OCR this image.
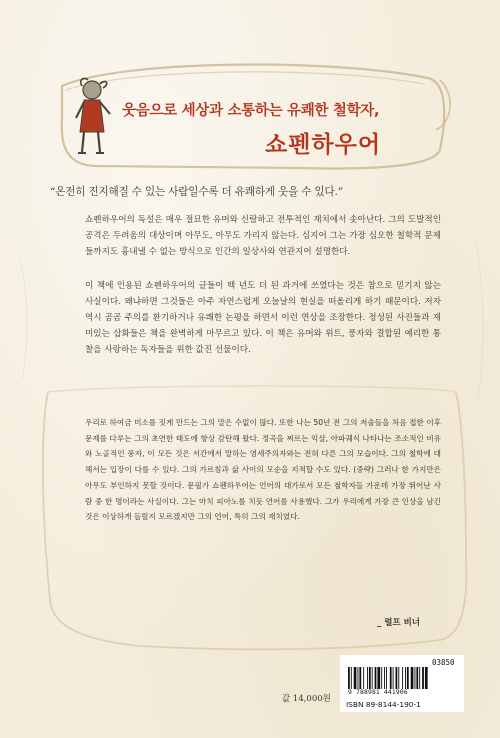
웃음으로 세상과 소통하는 유쾌한 철학자,

쇼펜하우어

“온전히 진지해질 수 있는 사람일수록 더 유쾌하게 웃을 수 있다.”

쇼펜하우어의 독설은 매우 절묘한 유머와 신랄하고 전투적인 재치에서 솟아난다. 그의 도발적인 공격은 두려움의 대상이며 아무도, 아무도 가리지 않는다. 심지어 그는 가장 심오한 철학적 문제들까지도 흉내낼 수 없는 방식으로 인간의 일상사와 연관지어 설명한다.

이 책에 인용된 쇼펜하우어의 글들이 백 년도 더 된 과거에 쓰였다는 것은 참으로 믿기지 않는 사실이다. 왜냐하면 그것들은 아주 자연스럽게 오늘날의 현실을 떠올리게 하기 때문이다. 저자 역시 곰곰 주의를 환기하거나 유쾌한 논평을 하면서 이런 연상을 조장한다. 정성된 사진들과 재미있는 삽화들은 책을 완벽하게 마무르고 있다. 이 책은 유머와 위트, 풍자와 결합된 예리한 통찰을 사랑하는 독자들을 위한 값진 선물이다.

우리로 하여금 미소를 짓게 만드는 그의 말은 수없이 많다. 또한 나는 50년 전 그의 저술들을 처음 접한 이후 문제를 다루는 그의 초연한 태도에 항상 감탄해 왔다. 정곡을 찌르는 익살, 아파궤식 나타나는 조소적인 비유와 노골적인 풍자, 이 모든 것은 서간에서 말하는 염세주의자와는 전혀 다른 그의 모습이다. 그의 철학에 대해서는 입장이 다를 수 있다. 그의 가르침과 삶 사이의 모순을 지적할 수도 있다. (중략) 그러나 한 가지만은 아무도 부인하지 못할 것이다. 문필가 쇼펜하우어는 언어의 대가로서 모든 철학자들 가운데 가장 뛰어난 사람 중 한 명이라는 사실이다. 그는 마치 피아노를 치듯 언어를 사용했다. 그가 우리에게 가장 큰 인상을 남긴 것은 이상하게 들릴지 모르겠지만 그의 언어, 특히 그의 재치였다.

_ 럴프 비너

값 14,000원

03850

9 788981 441906

ISBN 89-8144-190-1
